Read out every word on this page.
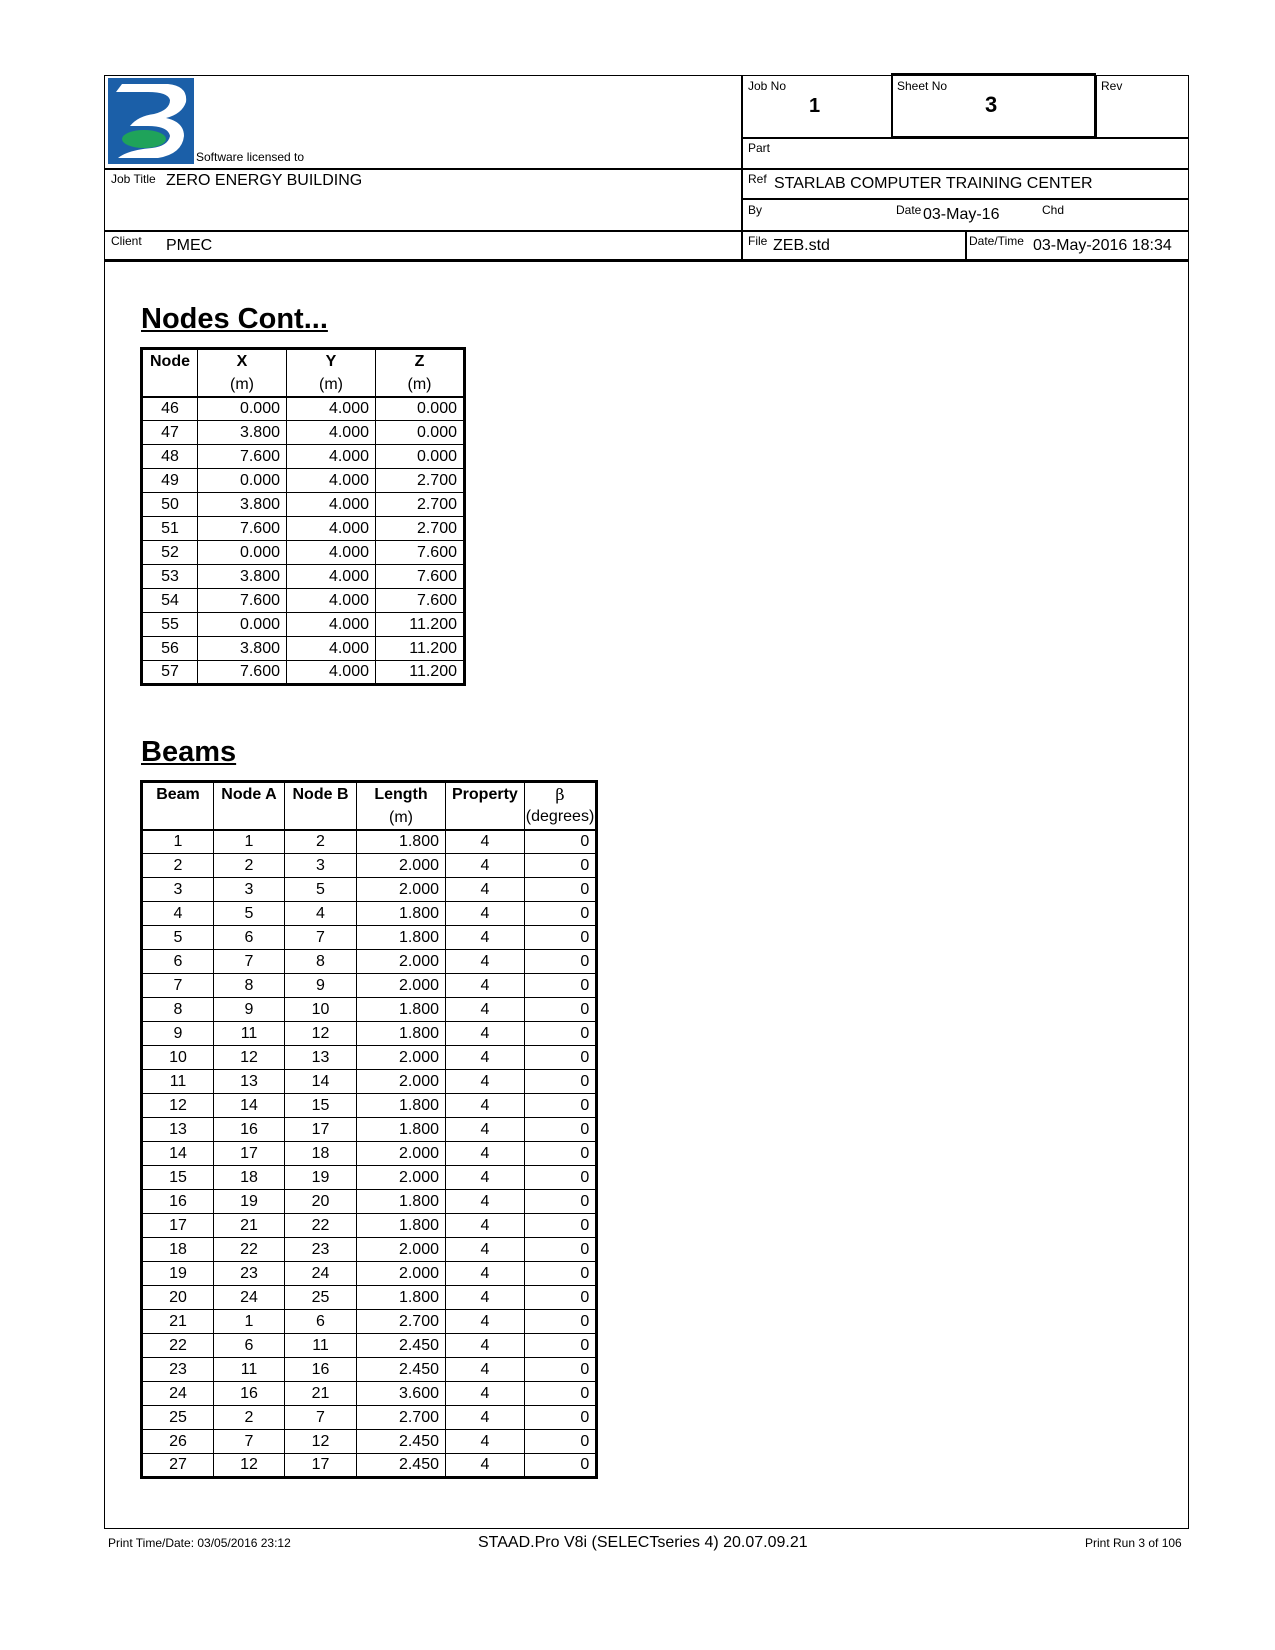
Software licensed to
Job No
1
Sheet No
3
Rev
Part
Job Title ZERO ENERGY BUILDING	Ref STARLAB COMPUTER TRAINING CENTER
By	Date 03-May-16	Chd
Client PMEC	File ZEB.std	Date/Time 03-May-2016 18:34
Nodes Cont...
Node	X	Y	Z
	(m)	(m)	(m)
46	0.000	4.000	0.000
47	3.800	4.000	0.000
48	7.600	4.000	0.000
49	0.000	4.000	2.700
50	3.800	4.000	2.700
51	7.600	4.000	2.700
52	0.000	4.000	7.600
53	3.800	4.000	7.600
54	7.600	4.000	7.600
55	0.000	4.000	11.200
56	3.800	4.000	11.200
57	7.600	4.000	11.200
Beams
Beam	Node A	Node B	Length	Property	β
			(m)		(degrees)
1	1	2	1.800	4	0
2	2	3	2.000	4	0
3	3	5	2.000	4	0
4	5	4	1.800	4	0
5	6	7	1.800	4	0
6	7	8	2.000	4	0
7	8	9	2.000	4	0
8	9	10	1.800	4	0
9	11	12	1.800	4	0
10	12	13	2.000	4	0
11	13	14	2.000	4	0
12	14	15	1.800	4	0
13	16	17	1.800	4	0
14	17	18	2.000	4	0
15	18	19	2.000	4	0
16	19	20	1.800	4	0
17	21	22	1.800	4	0
18	22	23	2.000	4	0
19	23	24	2.000	4	0
20	24	25	1.800	4	0
21	1	6	2.700	4	0
22	6	11	2.450	4	0
23	11	16	2.450	4	0
24	16	21	3.600	4	0
25	2	7	2.700	4	0
26	7	12	2.450	4	0
27	12	17	2.450	4	0
Print Time/Date: 03/05/2016 23:12	STAAD.Pro V8i (SELECTseries 4) 20.07.09.21	Print Run 3 of 106
